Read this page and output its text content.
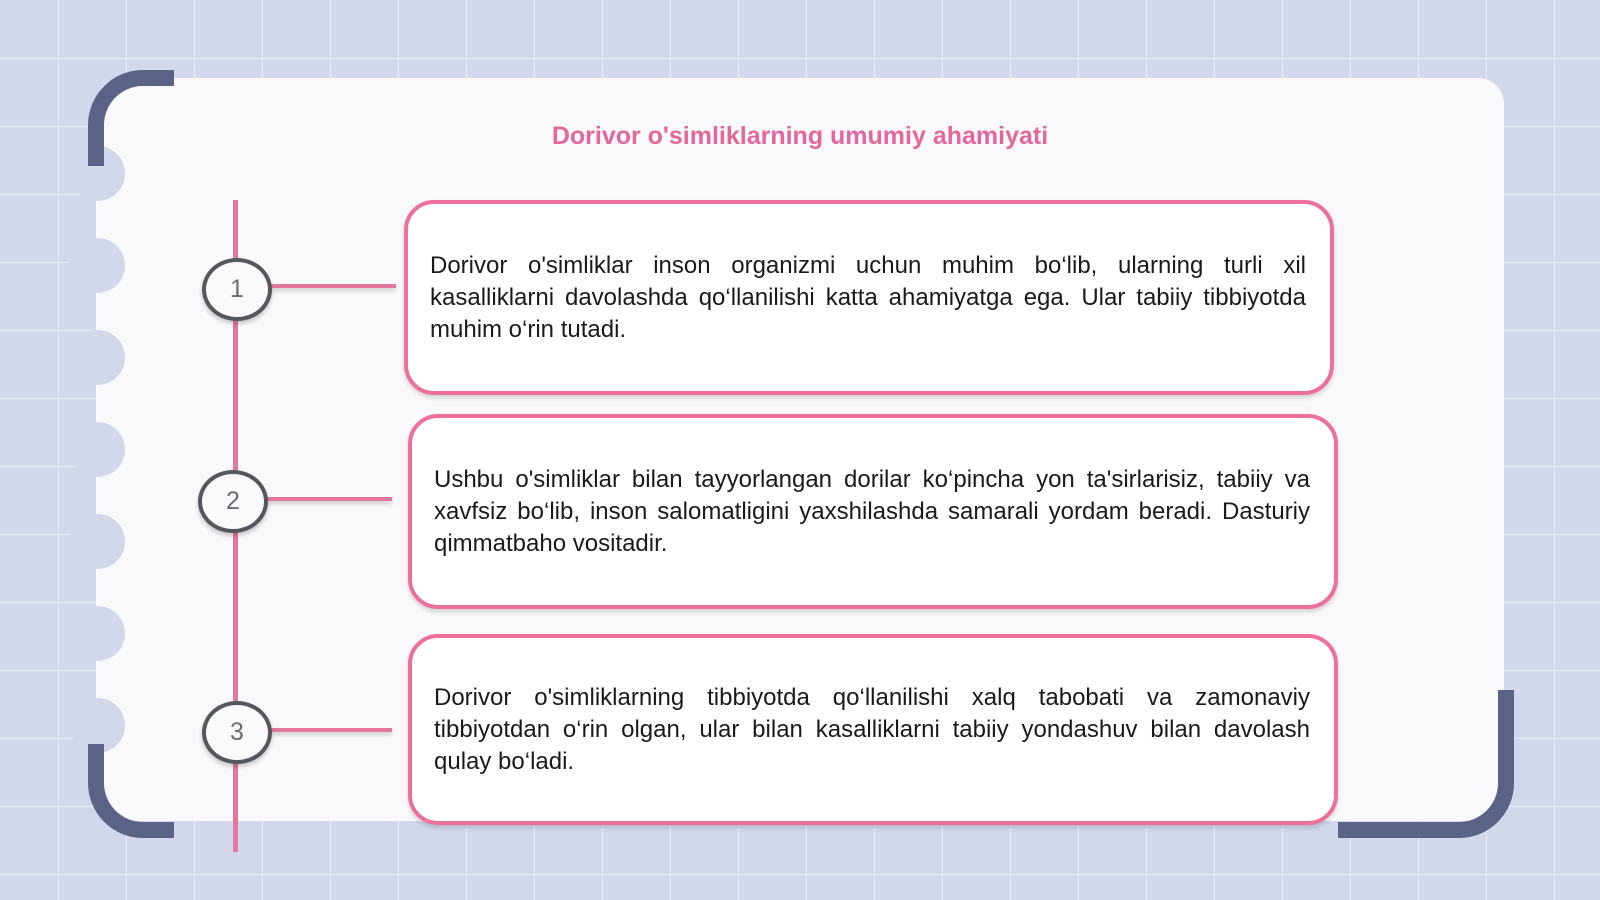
Dorivor o'simliklarning umumiy ahamiyati
1
2
3

Dorivor o'simliklar inson organizmi uchun muhim bo‘lib, ularning turli xil kasalliklarni davolashda qo‘llanilishi katta ahamiyatga ega. Ular tabiiy tibbiyotda muhim o‘rin tutadi.

Ushbu o'simliklar bilan tayyorlangan dorilar ko‘pincha yon ta'sirlarisiz, tabiiy va xavfsiz bo‘lib, inson salomatligini yaxshilashda samarali yordam beradi. Dasturiy qimmatbaho vositadir.

Dorivor o'simliklarning tibbiyotda qo‘llanilishi xalq tabobati va zamonaviy tibbiyotdan o‘rin olgan, ular bilan kasalliklarni tabiiy yondashuv bilan davolash qulay bo‘ladi.
